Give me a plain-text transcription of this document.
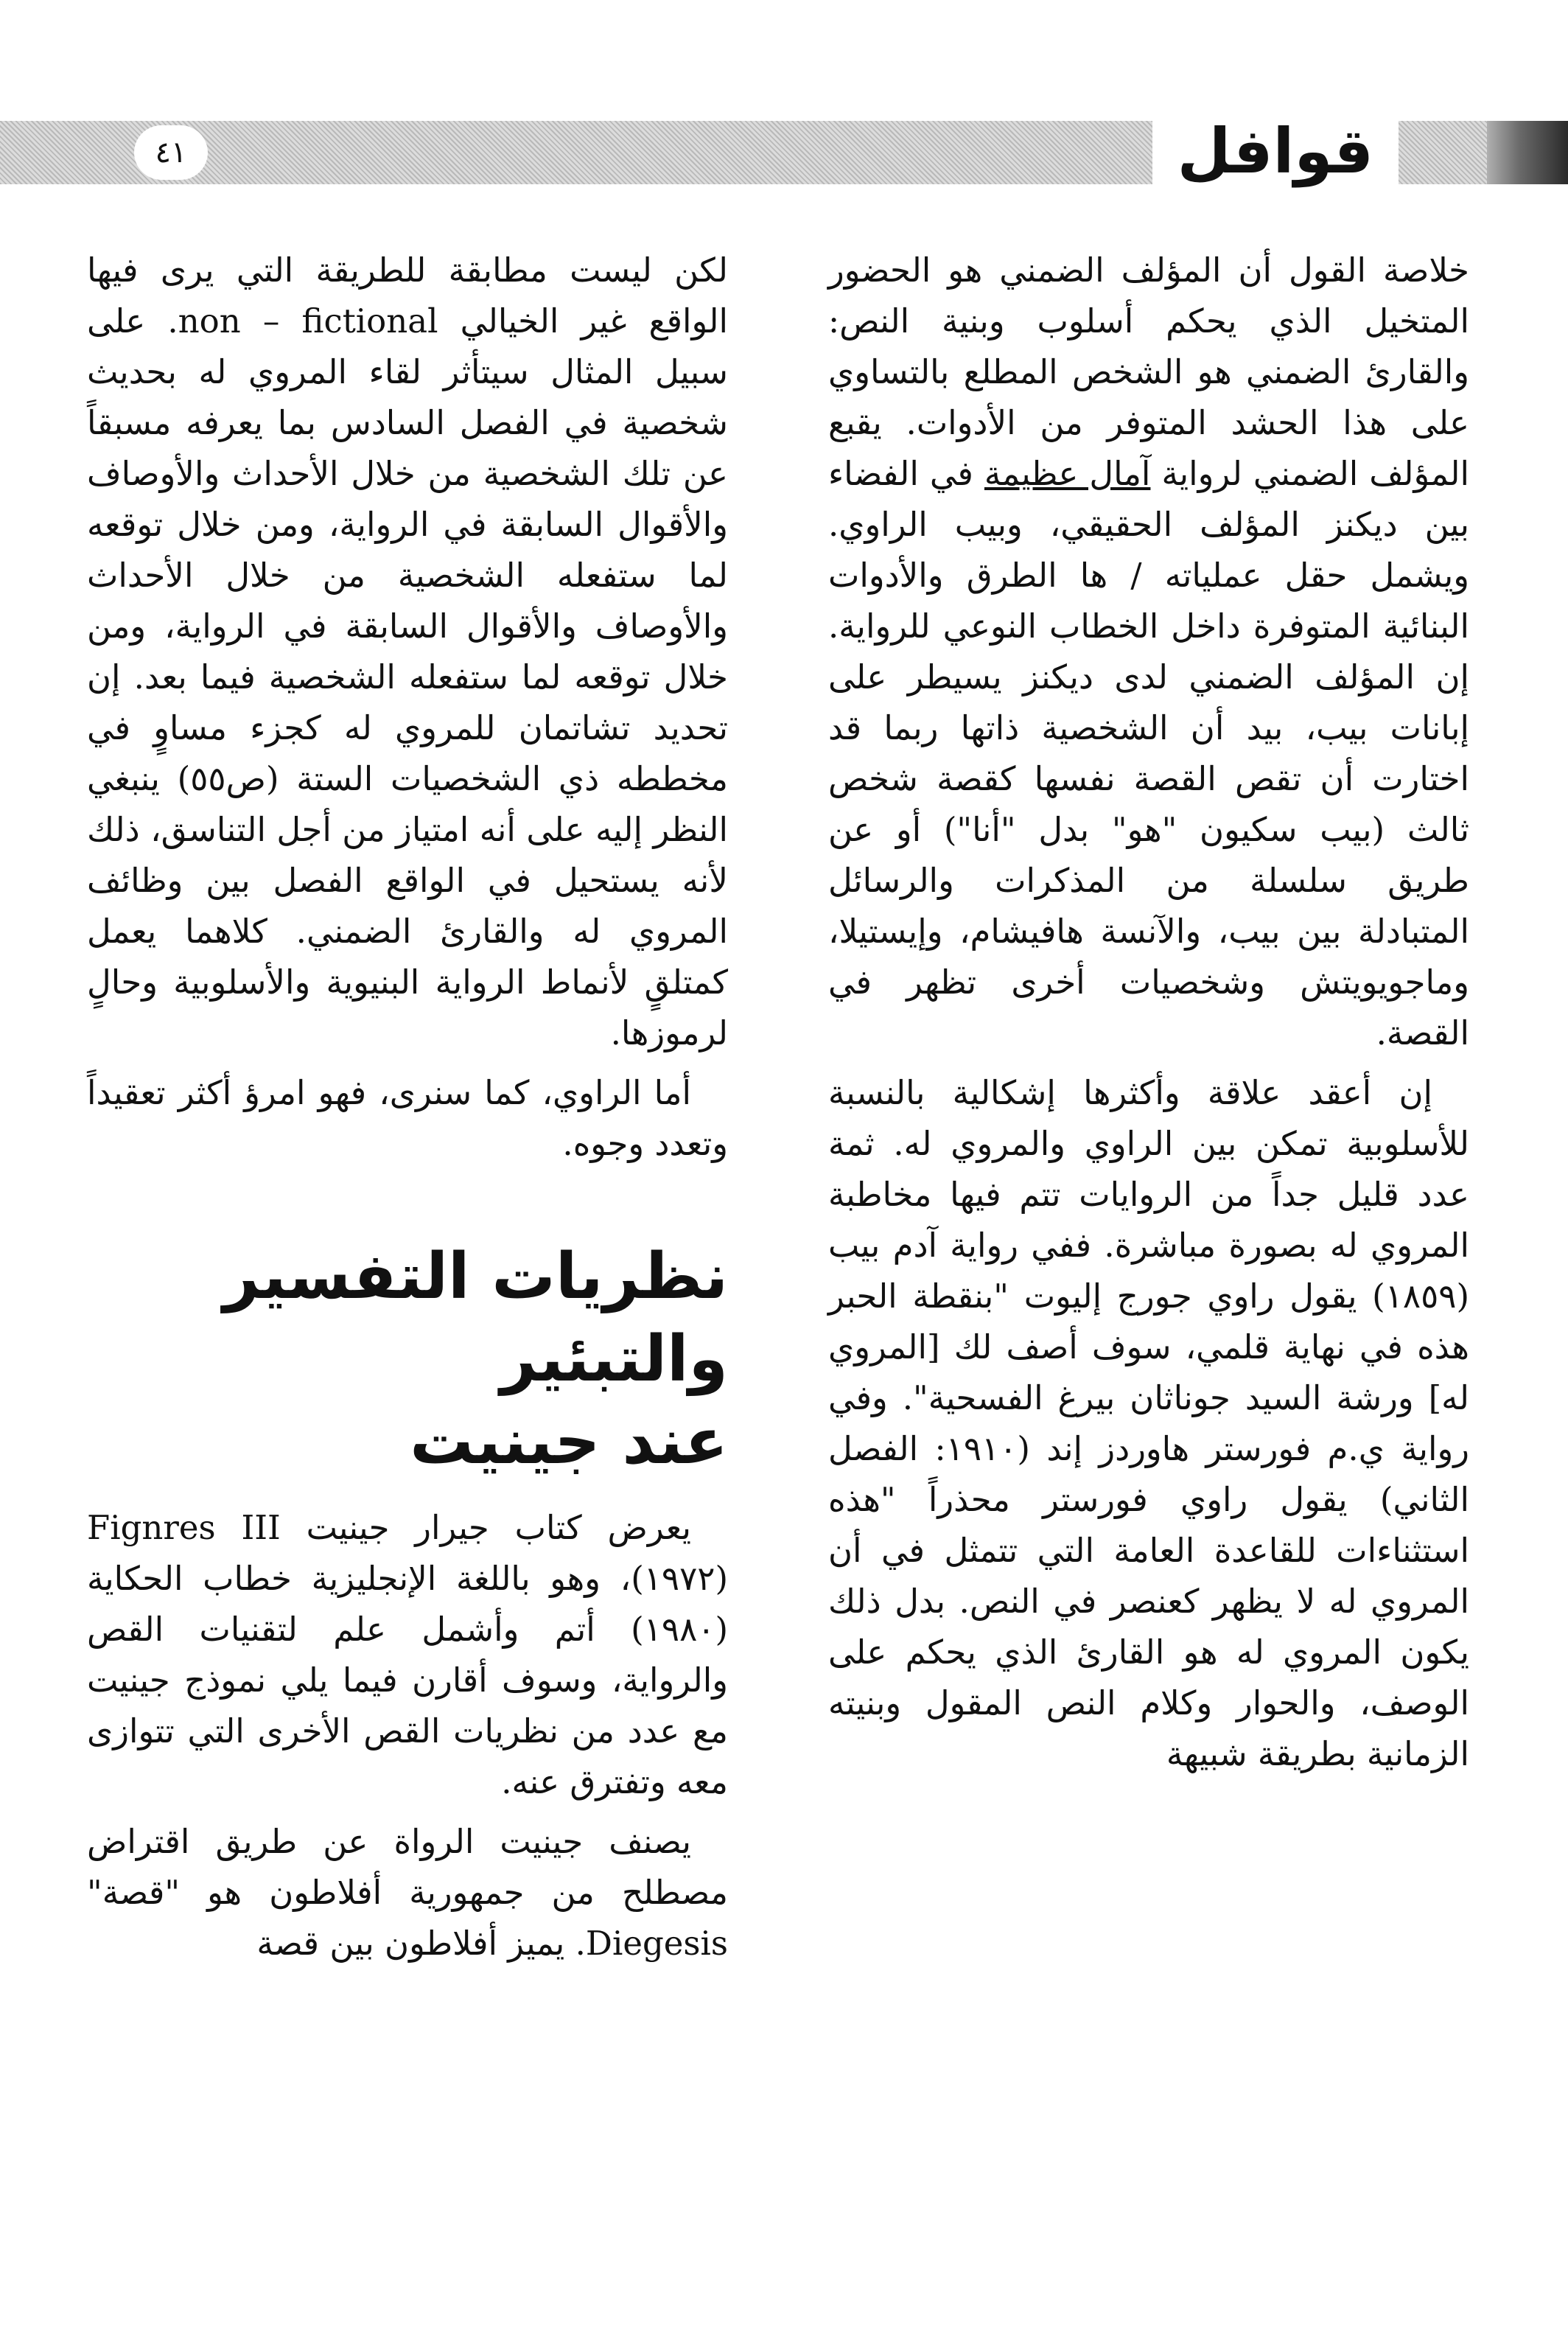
قوافل
٤١

خلاصة القول أن المؤلف الضمني هو الحضور المتخيل الذي يحكم أسلوب وبنية النص: والقارئ الضمني هو الشخص المطلع بالتساوي على هذا الحشد المتوفر من الأدوات. يقبع المؤلف الضمني لرواية آمال عظيمة في الفضاء بين ديكنز المؤلف الحقيقي، وبيب الراوي. ويشمل حقل عملياته / ها الطرق والأدوات البنائية المتوفرة داخل الخطاب النوعي للرواية. إن المؤلف الضمني لدى ديكنز يسيطر على إبانات بيب، بيد أن الشخصية ذاتها ربما قد اختارت أن تقص القصة نفسها كقصة شخص ثالث (بيب سكيون "هو" بدل "أنا") أو عن طريق سلسلة من المذكرات والرسائل المتبادلة بين بيب، والآنسة هافيشام، وإيستيلا، وماجويويتش وشخصيات أخرى تظهر في القصة.

إن أعقد علاقة وأكثرها إشكالية بالنسبة للأسلوبية تمكن بين الراوي والمروي له. ثمة عدد قليل جداً من الروايات تتم فيها مخاطبة المروي له بصورة مباشرة. ففي رواية آدم بيب (١٨٥٩) يقول راوي جورج إليوت "بنقطة الحبر هذه في نهاية قلمي، سوف أصف لك [المروي له] ورشة السيد جوناثان بيرغ الفسحية". وفي رواية ي.م فورستر هاوردز إند (١٩١٠: الفصل الثاني) يقول راوي فورستر محذراً "هذه استثناءات للقاعدة العامة التي تتمثل في أن المروي له لا يظهر كعنصر في النص. بدل ذلك يكون المروي له هو القارئ الذي يحكم على الوصف، والحوار وكلام النص المقول وبنيته الزمانية بطريقة شبيهة

لكن ليست مطابقة للطريقة التي يرى فيها الواقع غير الخيالي non – fictional. على سبيل المثال سيتأثر لقاء المروي له بحديث شخصية في الفصل السادس بما يعرفه مسبقاً عن تلك الشخصية من خلال الأحداث والأوصاف والأقوال السابقة في الرواية، ومن خلال توقعه لما ستفعله الشخصية من خلال الأحداث والأوصاف والأقوال السابقة في الرواية، ومن خلال توقعه لما ستفعله الشخصية فيما بعد. إن تحديد تشاتمان للمروي له كجزء مساوٍ في مخططه ذي الشخصيات الستة (ص٥٥) ينبغي النظر إليه على أنه امتياز من أجل التناسق، ذلك لأنه يستحيل في الواقع الفصل بين وظائف المروي له والقارئ الضمني. كلاهما يعمل كمتلقٍ لأنماط الرواية البنيوية والأسلوبية وحالٍ لرموزها.

أما الراوي، كما سنرى، فهو امرؤ أكثر تعقيداً وتعدد وجوه.

نظريات التفسير والتبئير
عند جينيت

يعرض كتاب جيرار جينيت Fignres III (١٩٧٢)، وهو باللغة الإنجليزية خطاب الحكاية (١٩٨٠) أتم وأشمل علم لتقنيات القص والرواية، وسوف أقارن فيما يلي نموذج جينيت مع عدد من نظريات القص الأخرى التي تتوازى معه وتفترق عنه.

يصنف جينيت الرواة عن طريق اقتراض مصطلح من جمهورية أفلاطون هو "قصة" Diegesis. يميز أفلاطون بين قصة
